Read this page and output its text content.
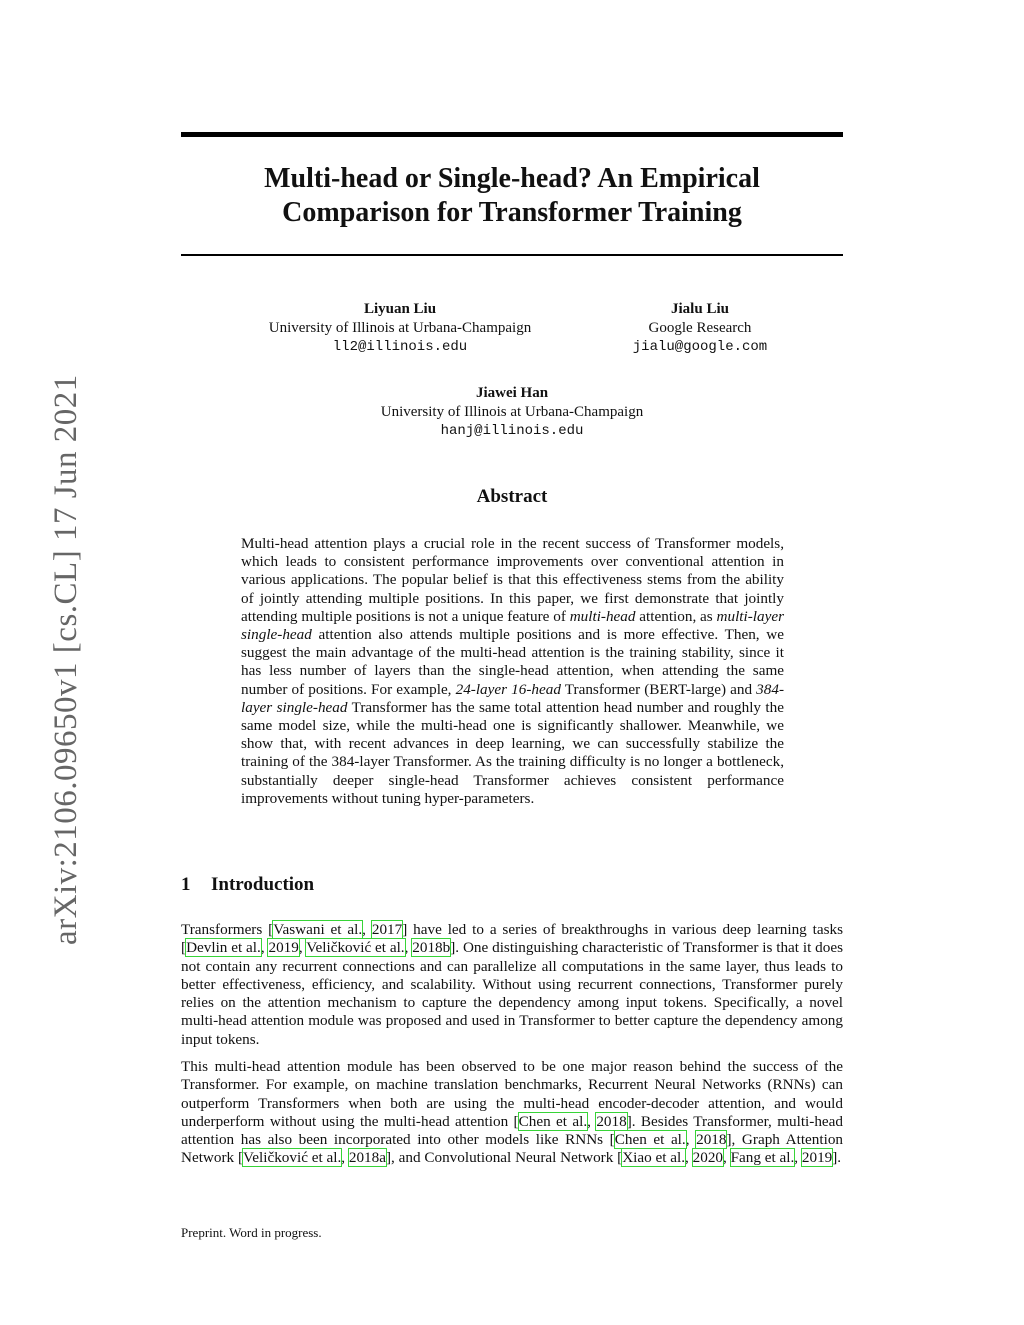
arXiv:2106.09650v1 [cs.CL] 17 Jun 2021
Multi-head or Single-head? An Empirical
Comparison for Transformer Training
Liyuan Liu
University of Illinois at Urbana-Champaign
ll2@illinois.edu
Jialu Liu
Google Research
jialu@google.com
Jiawei Han
University of Illinois at Urbana-Champaign
hanj@illinois.edu
Abstract
Multi-head attention plays a crucial role in the recent success of Transformer models, which leads to consistent performance improvements over conventional attention in various applications. The popular belief is that this effectiveness stems from the ability of jointly attending multiple positions. In this paper, we first demonstrate that jointly attending multiple positions is not a unique feature of multi-head attention, as multi-layer single-head attention also attends multiple positions and is more effective. Then, we suggest the main advantage of the multi-head attention is the training stability, since it has less number of layers than the single-head attention, when attending the same number of positions. For example, 24-layer 16-head Transformer (BERT-large) and 384-layer single-head Transformer has the same total attention head number and roughly the same model size, while the multi-head one is significantly shallower. Meanwhile, we show that, with recent advances in deep learning, we can successfully stabilize the training of the 384-layer Transformer. As the training difficulty is no longer a bottleneck, substantially deeper single-head Transformer achieves consistent performance improvements without tuning hyper-parameters.
1 Introduction

Transformers [Vaswani et al., 2017] have led to a series of breakthroughs in various deep learning tasks [Devlin et al., 2019, Veličković et al., 2018b]. One distinguishing characteristic of Transformer is that it does not contain any recurrent connections and can parallelize all computations in the same layer, thus leads to better effectiveness, efficiency, and scalability. Without using recurrent connections, Transformer purely relies on the attention mechanism to capture the dependency among input tokens. Specifically, a novel multi-head attention module was proposed and used in Transformer to better capture the dependency among input tokens.

This multi-head attention module has been observed to be one major reason behind the success of the Transformer. For example, on machine translation benchmarks, Recurrent Neural Networks (RNNs) can outperform Transformers when both are using the multi-head encoder-decoder attention, and would underperform without using the multi-head attention [Chen et al., 2018]. Besides Transformer, multi-head attention has also been incorporated into other models like RNNs [Chen et al., 2018], Graph Attention Network [Veličković et al., 2018a], and Convolutional Neural Network [Xiao et al., 2020, Fang et al., 2019].

Preprint. Word in progress.
